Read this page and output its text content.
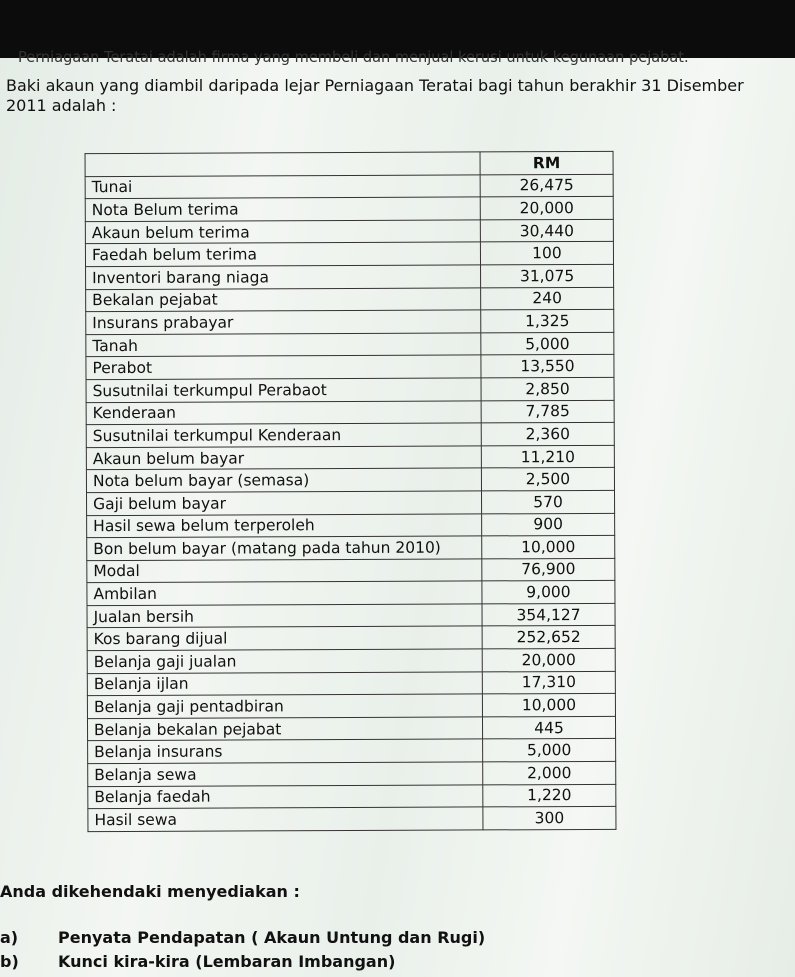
Perniagaan Teratai adalah firma yang membeli dan menjual kerusi untuk kegunaan pejabat.
Baki akaun yang diambil daripada lejar Perniagaan Teratai bagi tahun berakhir 31 Disember 2011 adalah :
	RM
Tunai	26,475
Nota Belum terima	20,000
Akaun belum terima	30,440
Faedah belum terima	100
Inventori barang niaga	31,075
Bekalan pejabat	240
Insurans prabayar	1,325
Tanah	5,000
Perabot	13,550
Susutnilai terkumpul Perabaot	2,850
Kenderaan	7,785
Susutnilai terkumpul Kenderaan	2,360
Akaun belum bayar	11,210
Nota belum bayar (semasa)	2,500
Gaji belum bayar	570
Hasil sewa belum terperoleh	900
Bon belum bayar (matang pada tahun 2010)	10,000
Modal	76,900
Ambilan	9,000
Jualan bersih	354,127
Kos barang dijual	252,652
Belanja gaji jualan	20,000
Belanja ijlan	17,310
Belanja gaji pentadbiran	10,000
Belanja bekalan pejabat	445
Belanja insurans	5,000
Belanja sewa	2,000
Belanja faedah	1,220
Hasil sewa	300
Anda dikehendaki menyediakan :
a) Penyata Pendapatan ( Akaun Untung dan Rugi)
b) Kunci kira-kira (Lembaran Imbangan)
